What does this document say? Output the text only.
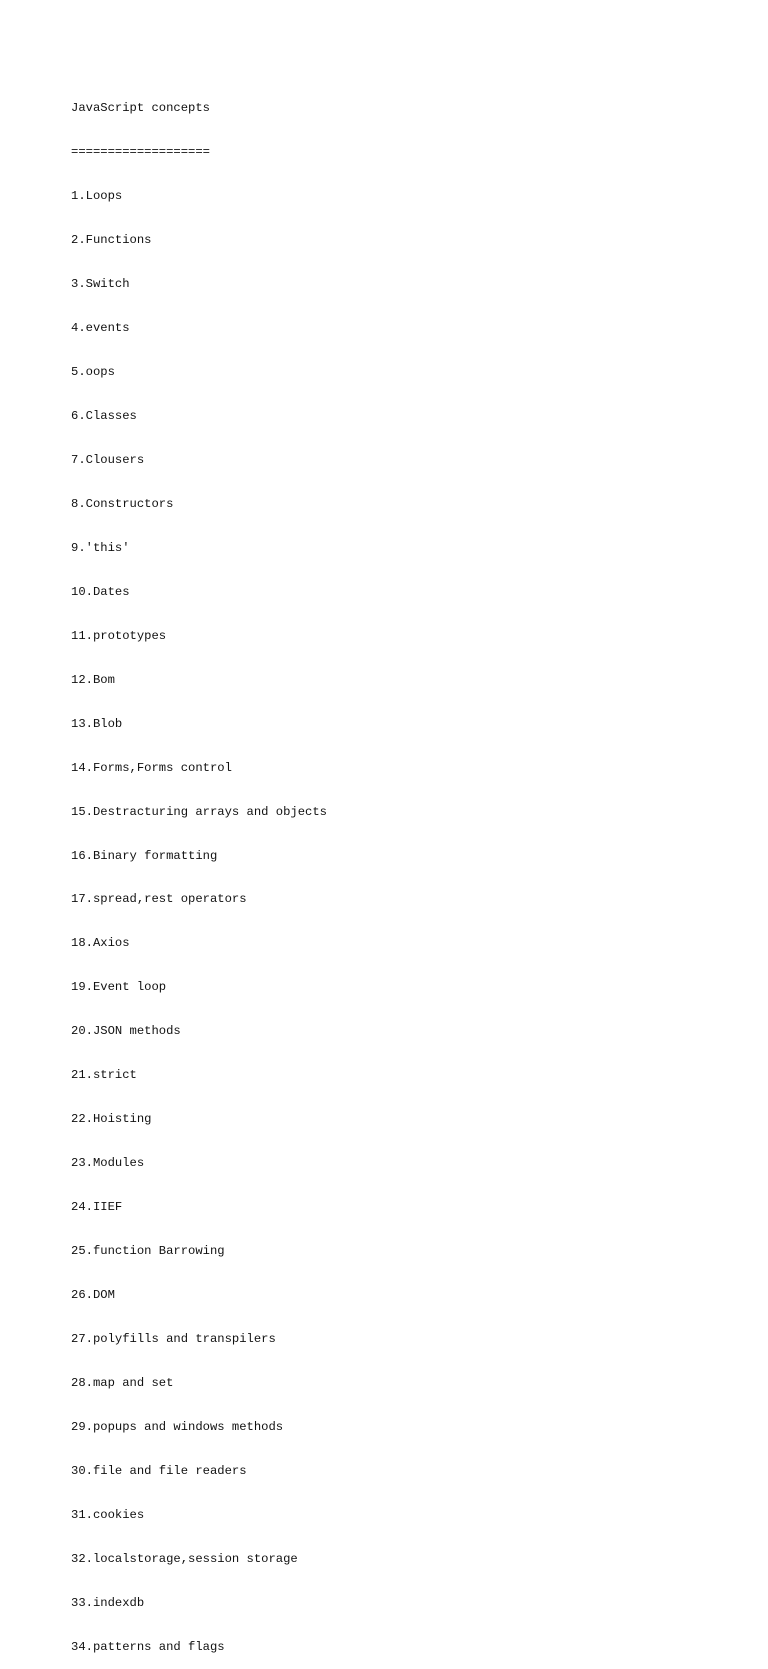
JavaScript concepts

===================

1.Loops

2.Functions

3.Switch

4.events

5.oops

6.Classes

7.Clousers

8.Constructors

9.'this'

10.Dates

11.prototypes

12.Bom

13.Blob

14.Forms,Forms control

15.Destracturing arrays and objects

16.Binary formatting

17.spread,rest operators

18.Axios

19.Event loop

20.JSON methods

21.strict

22.Hoisting

23.Modules

24.IIEF

25.function Barrowing

26.DOM

27.polyfills and transpilers

28.map and set

29.popups and windows methods

30.file and file readers

31.cookies

32.localstorage,session storage

33.indexdb

34.patterns and flags
